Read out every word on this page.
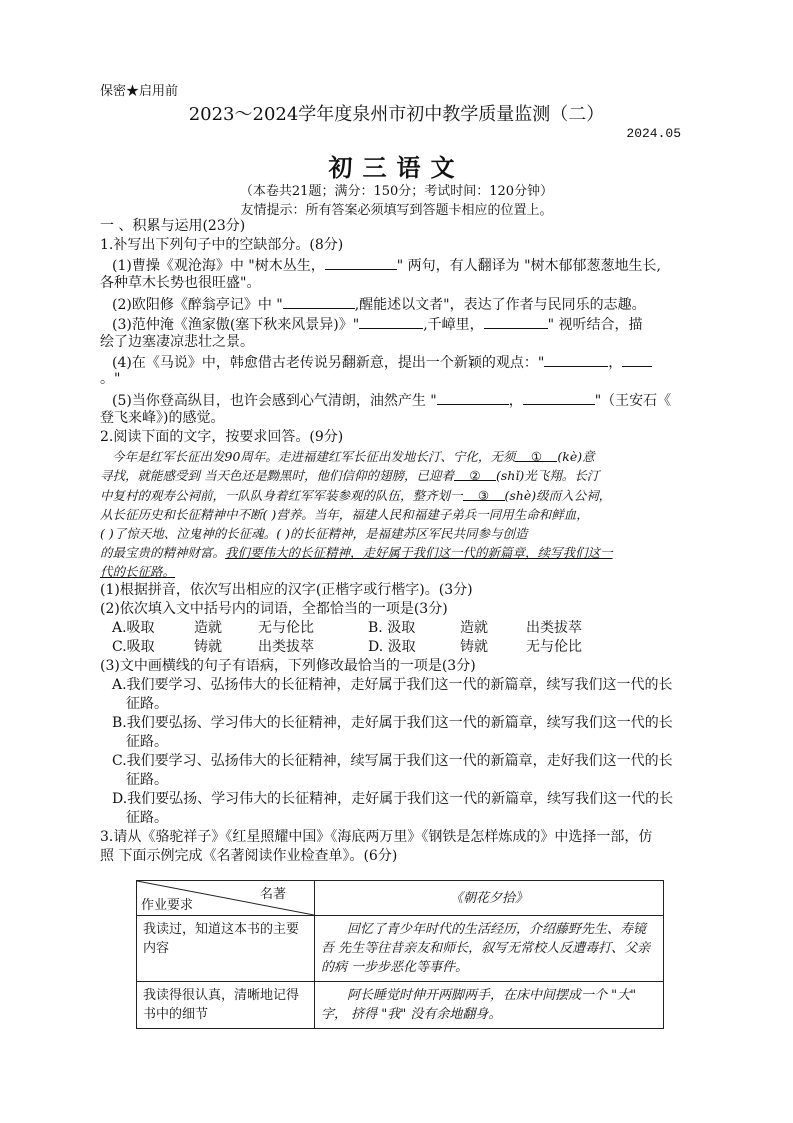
保密★启用前
2023～2024学年度泉州市初中教学质量监测（二）
2024.05
初三语文
（本卷共21题；满分：150分；考试时间：120分钟）
友情提示：所有答案必须填写到答题卡相应的位置上。
一 、积累与运用(23分)
1.补写出下列句子中的空缺部分。(8分)
(1)曹操《观沧海》中 "树木丛生，	" 两句，有人翻译为 "树木郁郁葱葱地生长,
各种草木长势也很旺盛"。
(2)欧阳修《醉翁亭记》中 "	,醒能述以文者"，表达了作者与民同乐的志趣。
(3)范仲淹《渔家傲(塞下秋来风景异)》"	,千嶂里，	" 视听结合，描
绘了边塞凄凉悲壮之景。
(4)在《马说》中，韩愈借古老传说另翻新意，提出一个新颖的观点："	，
。"
(5)当你登高纵目，也许会感到心气清朗，油然产生 "	，	"（王安石《
登飞来峰》)的感觉。
2.阅读下面的文字，按要求回答。(9分)
今年是红军长征出发90周年。走进福建红军长征出发地长汀、宁化，无须 ① (kè)意
寻找，就能感受到 当天色还是黝黑时，他们信仰的翅膀，已迎着 ② (shǐ)光飞翔。长汀
中复村的观寿公祠前，一队队身着红军军装参观的队伍，整齐划一 ③ (shè)级而入公祠，
从长征历史和长征精神中不断( )营养。当年，福建人民和福建子弟兵一同用生命和鲜血，
( )了惊天地、泣鬼神的长征魂。( )的长征精神，是福建苏区军民共同参与创造
的最宝贵的精神财富。我们要伟大的长征精神，走好属于我们这一代的新篇章，续写我们这一
代的长征路。
(1)根据拼音，依次写出相应的汉字(正楷字或行楷字)。(3分)
(2)依次填入文中括号内的词语，全都恰当的一项是(3分)
A.吸取	造就	无与伦比	B. 汲取	造就	出类拔萃
C.吸取	铸就	出类拔萃	D. 汲取	铸就	无与伦比
(3)文中画横线的句子有语病，下列修改最恰当的一项是(3分)
A.我们要学习、弘扬伟大的长征精神，走好属于我们这一代的新篇章，续写我们这一代的长
征路。
B.我们要弘扬、学习伟大的长征精神，走好属于我们这一代的新篇章，续写我们这一代的长
征路。
C.我们要学习、弘扬伟大的长征精神，续写属于我们这一代的新篇章，走好我们这一代的长
征路。
D.我们要弘扬、学习伟大的长征精神，走好属于我们这一代的新篇章，续写我们这一代的长
征路。
3.请从《骆驼祥子》《红星照耀中国》《海底两万里》《钢铁是怎样炼成的》中选择一部，仿
照 下面示例完成《名著阅读作业检查单》。(6分)
名著
作业要求	《朝花夕拾》
我读过，知道这本书的主要内容	回忆了青少年时代的生活经历，介绍藤野先生、寿镜吾 先生等往昔亲友和师长，叙写无常校人反遭毒打、父亲的病 一步步恶化等事件。
我读得很认真，清晰地记得书中的细节	阿长睡觉时伸开两脚两手，在床中间摆成一个 "大" 字， 挤得 "我" 没有余地翻身。
